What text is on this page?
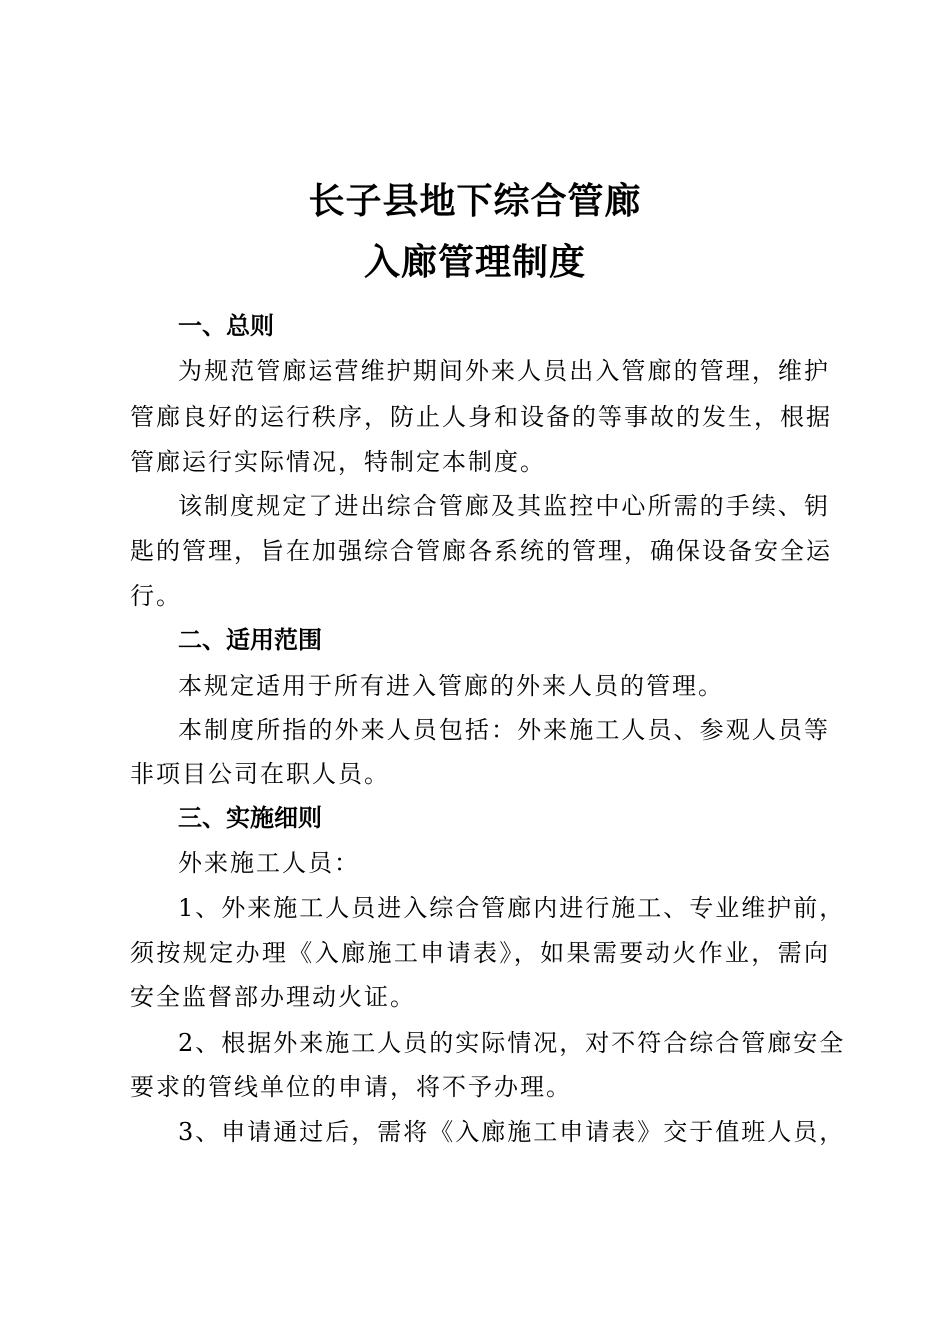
长子县地下综合管廊
入廊管理制度
一、总则
为规范管廊运营维护期间外来人员出入管廊的管理，维护
管廊良好的运行秩序，防止人身和设备的等事故的发生，根据
管廊运行实际情况，特制定本制度。
该制度规定了进出综合管廊及其监控中心所需的手续、钥
匙的管理，旨在加强综合管廊各系统的管理，确保设备安全运
行。
二、适用范围
本规定适用于所有进入管廊的外来人员的管理。
本制度所指的外来人员包括：外来施工人员、参观人员等
非项目公司在职人员。
三、实施细则
外来施工人员：
1、外来施工人员进入综合管廊内进行施工、专业维护前，
须按规定办理《入廊施工申请表》，如果需要动火作业，需向
安全监督部办理动火证。
2、根据外来施工人员的实际情况，对不符合综合管廊安全
要求的管线单位的申请，将不予办理。
3、申请通过后，需将《入廊施工申请表》交于值班人员，
